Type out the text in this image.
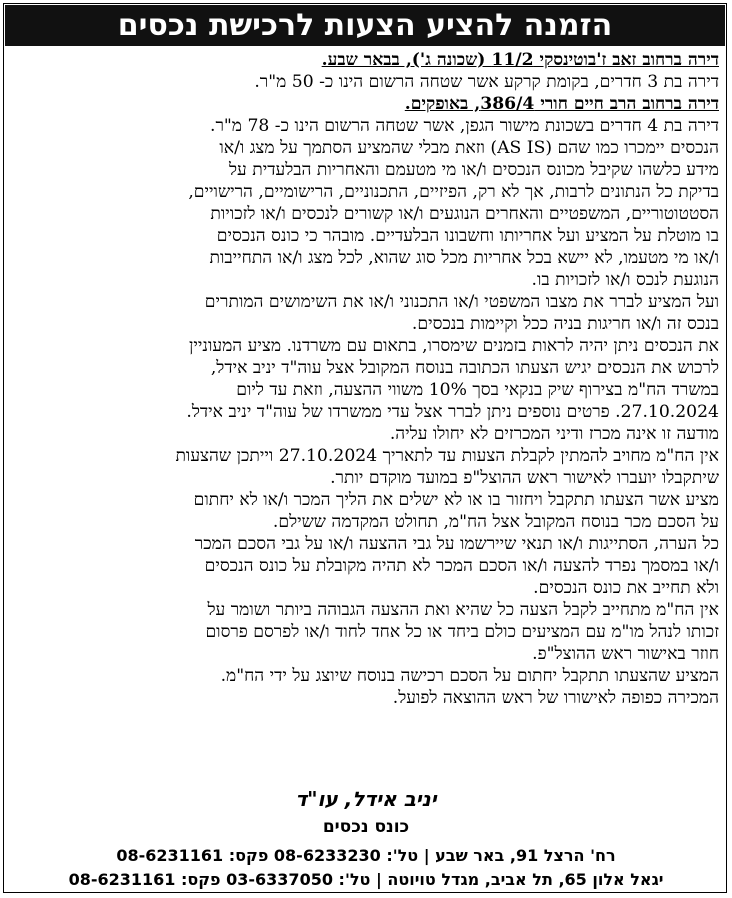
הזמנה להציע הצעות לרכישת נכסים
דירה ברחוב זאב ז'בוטינסקי 11/2 (שכונה ג'), בבאר שבע.
דירה בת 3 חדרים, בקומת קרקע אשר שטחה הרשום הינו כ- 50 מ"ר.
דירה ברחוב הרב חיים חורי 386/4, באופקים.
דירה בת 4 חדרים בשכונת מישור הגפן, אשר שטחה הרשום הינו כ- 78 מ"ר.
הנכסים יימכרו כמו שהם (AS IS) וזאת מבלי שהמציע הסתמך על מצג ו/או
מידע כלשהו שקיבל מכונס הנכסים ו/או מי מטעמם והאחריות הבלעדית על
בדיקת כל הנתונים לרבות, אך לא רק, הפיזיים, התכנוניים, הרישומיים, הרישויים,
הסטטוטוריים, המשפטיים והאחרים הנוגעים ו/או קשורים לנכסים ו/או לזכויות
בו מוטלת על המציע ועל אחריותו וחשבונו הבלעדיים. מובהר כי כונס הנכסים
ו/או מי מטעמו, לא יישא בכל אחריות מכל סוג שהוא, לכל מצג ו/או התחייבות
הנוגעת לנכס ו/או לזכויות בו.
ועל המציע לברר את מצבו המשפטי ו/או התכנוני ו/או את השימושים המותרים
בנכס זה ו/או חריגות בניה ככל וקיימות בנכסים.
את הנכסים ניתן יהיה לראות בזמנים שימסרו, בתאום עם משרדנו. מציע המעוניין
לרכוש את הנכסים יגיש הצעתו הכתובה בנוסח המקובל אצל עוה"ד יניב אידל,
במשרד הח"מ בצירוף שיק בנקאי בסך 10% משווי ההצעה, וזאת עד ליום
27.10.2024. פרטים נוספים ניתן לברר אצל עדי ממשרדו של עוה"ד יניב אידל.
מודעה זו אינה מכרז ודיני המכרזים לא יחולו עליה.
אין הח"מ מחויב להמתין לקבלת הצעות עד לתאריך 27.10.2024 וייתכן שהצעות
שיתקבלו יועברו לאישור ראש ההוצל"פ במועד מוקדם יותר.
מציע אשר הצעתו תתקבל ויחזור בו או לא ישלים את הליך המכר ו/או לא יחתום
על הסכם מכר בנוסח המקובל אצל הח"מ, תחולט המקדמה ששילם.
כל הערה, הסתייגות ו/או תנאי שיירשמו על גבי ההצעה ו/או על גבי הסכם המכר
ו/או במסמך נפרד להצעה ו/או הסכם המכר לא תהיה מקובלת על כונס הנכסים
ולא תחייב את כונס הנכסים.
אין הח"מ מתחייב לקבל הצעה כל שהיא ואת ההצעה הגבוהה ביותר ושומר על
זכותו לנהל מו"מ עם המציעים כולם ביחד או כל אחד לחוד ו/או לפרסם פרסום
חוזר באישור ראש ההוצל"פ.
המציע שהצעתו תתקבל יחתום על הסכם רכישה בנוסח שיוצג על ידי הח"מ.
המכירה כפופה לאישורו של ראש ההוצאה לפועל.
יניב אידל, עו"ד
כונס נכסים
רח' הרצל 91, באר שבע | טל': 08-6233230 פקס: 08-6231161
יגאל אלון 65, תל אביב, מגדל טויוטה | טל': 03-6337050 פקס: 08-6231161
